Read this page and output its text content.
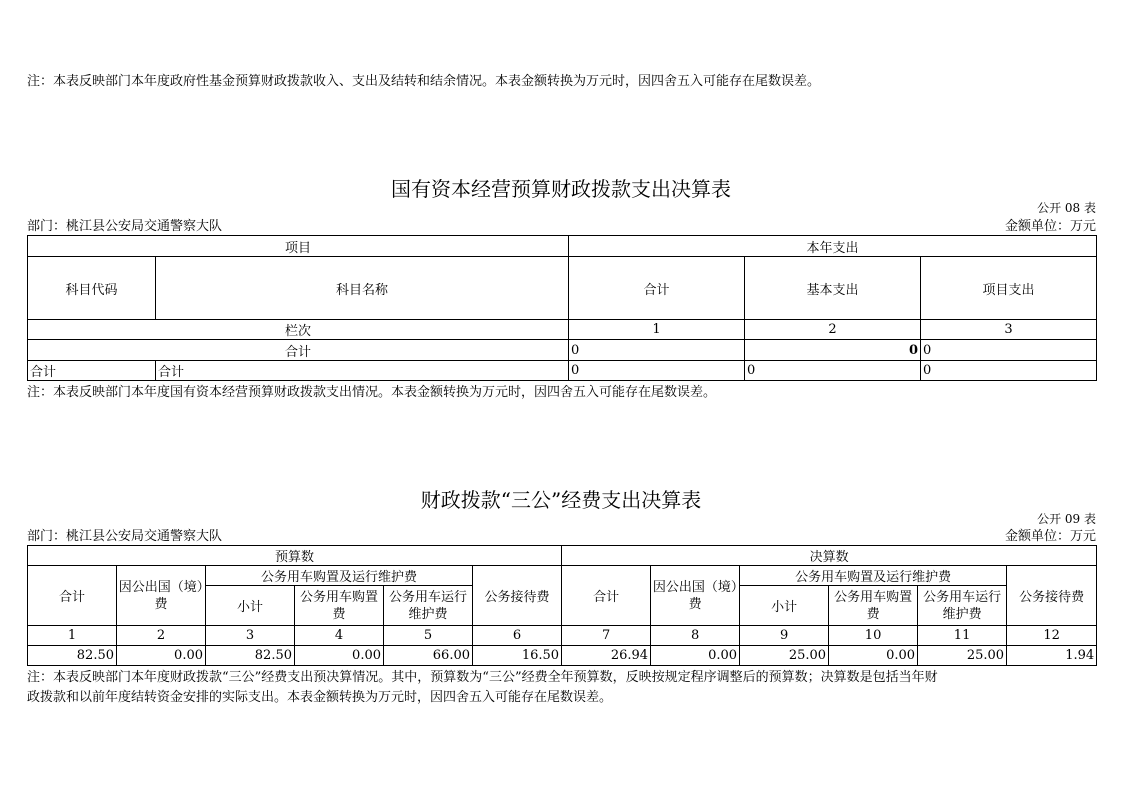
注：本表反映部门本年度政府性基金预算财政拨款收入、支出及结转和结余情况。本表金额转换为万元时，因四舍五入可能存在尾数误差。
国有资本经营预算财政拨款支出决算表
公开 08 表
部门：桃江县公安局交通警察大队	金额单位：万元
项目		本年支出		
科目代码	科目名称	合计	基本支出	项目支出
栏次		1	2	3
合计		0	0	0
合计	合计	0	0	0
注：本表反映部门本年度国有资本经营预算财政拨款支出情况。本表金额转换为万元时，因四舍五入可能存在尾数误差。
财政拨款“三公”经费支出决算表
公开 09 表
部门：桃江县公安局交通警察大队	金额单位：万元
预算数						决算数					
合计	因公出国（境）费	公务用车购置及运行维护费			公务接待费	合计	因公出国（境）费	公务用车购置及运行维护费			公务接待费
		小计	公务用车购置费	公务用车运行维护费				小计	公务用车购置费	公务用车运行维护费	
1	2	3	4	5	6	7	8	9	10	11	12
82.50	0.00	82.50	0.00	66.00	16.50	26.94	0.00	25.00	0.00	25.00	1.94
注：本表反映部门本年度财政拨款“三公”经费支出预决算情况。其中，预算数为“三公”经费全年预算数，反映按规定程序调整后的预算数；决算数是包括当年财
政拨款和以前年度结转资金安排的实际支出。本表金额转换为万元时，因四舍五入可能存在尾数误差。
